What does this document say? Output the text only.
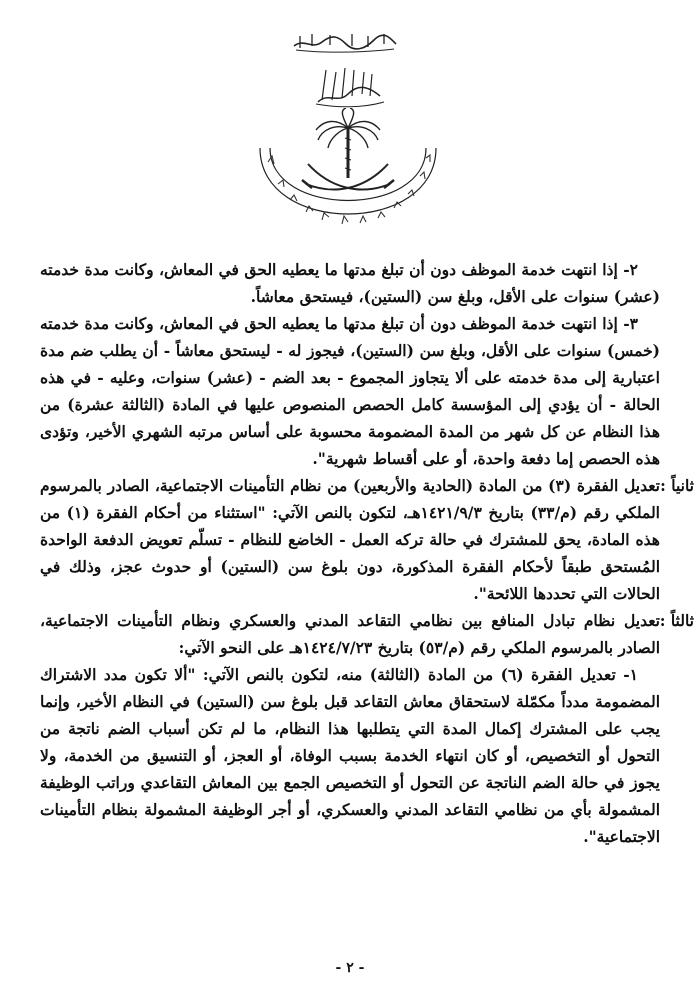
٢- إذا انتهت خدمة الموظف دون أن تبلغ مدتها ما يعطيه الحق في المعاش، وكانت مدة خدمته (عشر) سنوات على الأقل، وبلغ سن (الستين)، فيستحق معاشاً.

٣- إذا انتهت خدمة الموظف دون أن تبلغ مدتها ما يعطيه الحق في المعاش، وكانت مدة خدمته (خمس) سنوات على الأقل، وبلغ سن (الستين)، فيجوز له - ليستحق معاشاً - أن يطلب ضم مدة اعتبارية إلى مدة خدمته على ألا يتجاوز المجموع - بعد الضم - (عشر) سنوات، وعليه - في هذه الحالة - أن يؤدي إلى المؤسسة كامل الحصص المنصوص عليها في المادة (الثالثة عشرة) من هذا النظام عن كل شهر من المدة المضمومة محسوبة على أساس مرتبه الشهري الأخير، وتؤدى هذه الحصص إما دفعة واحدة، أو على أقساط شهرية".

ثانياً :

تعديل الفقرة (٣) من المادة (الحادية والأربعين) من نظام التأمينات الاجتماعية، الصادر بالمرسوم الملكي رقم (م/٣٣) بتاريخ ١٤٢١/٩/٣هـ، لتكون بالنص الآتي: "استثناء من أحكام الفقرة (١) من هذه المادة، يحق للمشترك في حالة تركه العمل - الخاضع للنظام - تسلّم تعويض الدفعة الواحدة المُستحق طبقاً لأحكام الفقرة المذكورة، دون بلوغ سن (الستين) أو حدوث عجز، وذلك في الحالات التي تحددها اللائحة".

ثالثاً :

تعديل نظام تبادل المنافع بين نظامي التقاعد المدني والعسكري ونظام التأمينات الاجتماعية، الصادر بالمرسوم الملكي رقم (م/٥٣) بتاريخ ١٤٢٤/٧/٢٣هـ على النحو الآتي:

١- تعديل الفقرة (٦) من المادة (الثالثة) منه، لتكون بالنص الآتي: "ألا تكون مدد الاشتراك المضمومة مدداً مكمّلة لاستحقاق معاش التقاعد قبل بلوغ سن (الستين) في النظام الأخير، وإنما يجب على المشترك إكمال المدة التي يتطلبها هذا النظام، ما لم تكن أسباب الضم ناتجة من التحول أو التخصيص، أو كان انتهاء الخدمة بسبب الوفاة، أو العجز، أو التنسيق من الخدمة، ولا يجوز في حالة الضم الناتجة عن التحول أو التخصيص الجمع بين المعاش التقاعدي وراتب الوظيفة المشمولة بأي من نظامي التقاعد المدني والعسكري، أو أجر الوظيفة المشمولة بنظام التأمينات الاجتماعية".

- ٢ -
